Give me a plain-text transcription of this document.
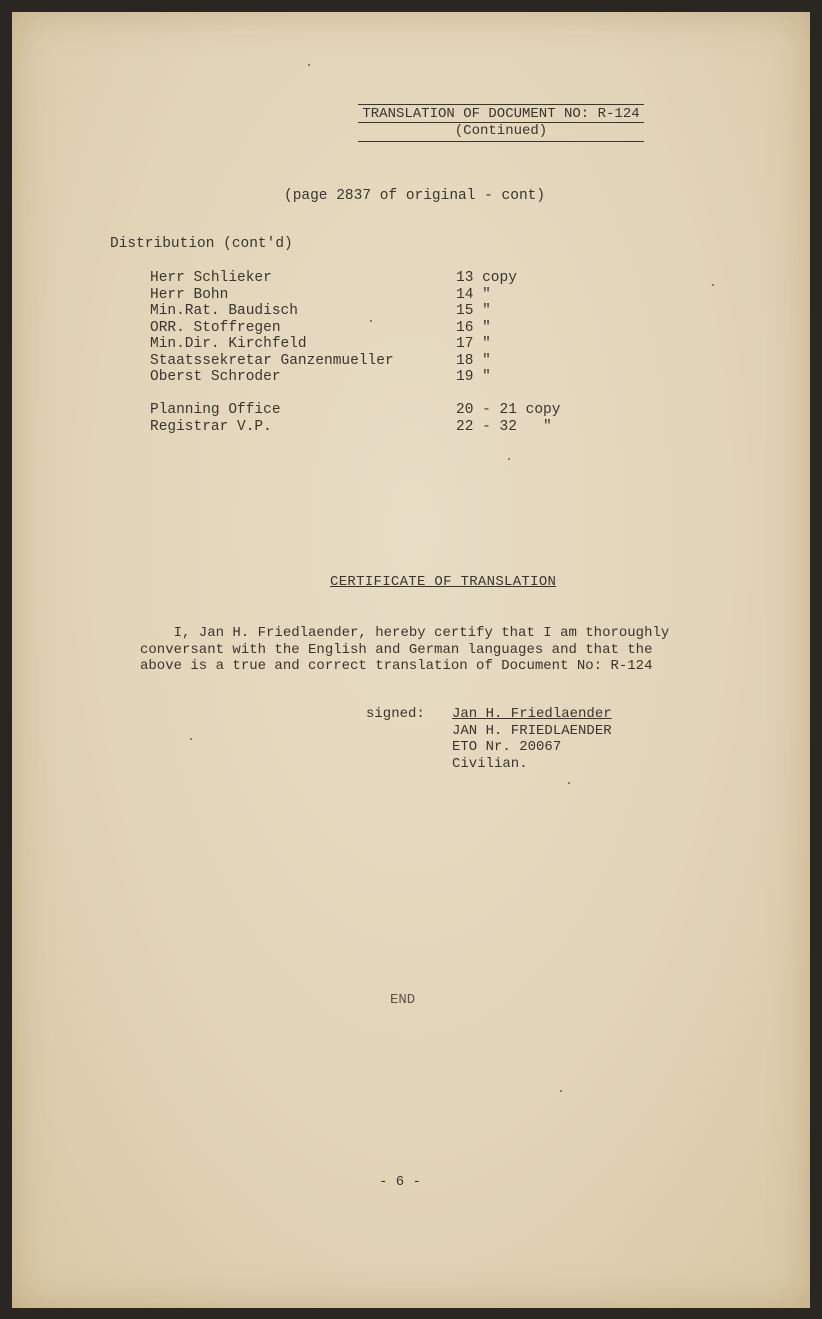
TRANSLATION OF DOCUMENT NO: R-124
(Continued)
(page 2837 of original - cont)
Distribution (cont'd)
Herr Schlieker	13 copy
Herr Bohn	14 "
Min.Rat. Baudisch	15 "
ORR. Stoffregen	16 "
Min.Dir. Kirchfeld	17 "
Staatssekretar Ganzenmueller	18 "
Oberst Schroder	19 "
Planning Office	20 - 21 copy
Registrar V.P.	22 - 32   "
CERTIFICATE OF TRANSLATION
I, Jan H. Friedlaender, hereby certify that I am thoroughly
conversant with the English and German languages and that the
above is a true and correct translation of Document No: R-124
signed: Jan H. Friedlaender
JAN H. FRIEDLAENDER
ETO Nr. 20067
Civilian.
END
- 6 -
